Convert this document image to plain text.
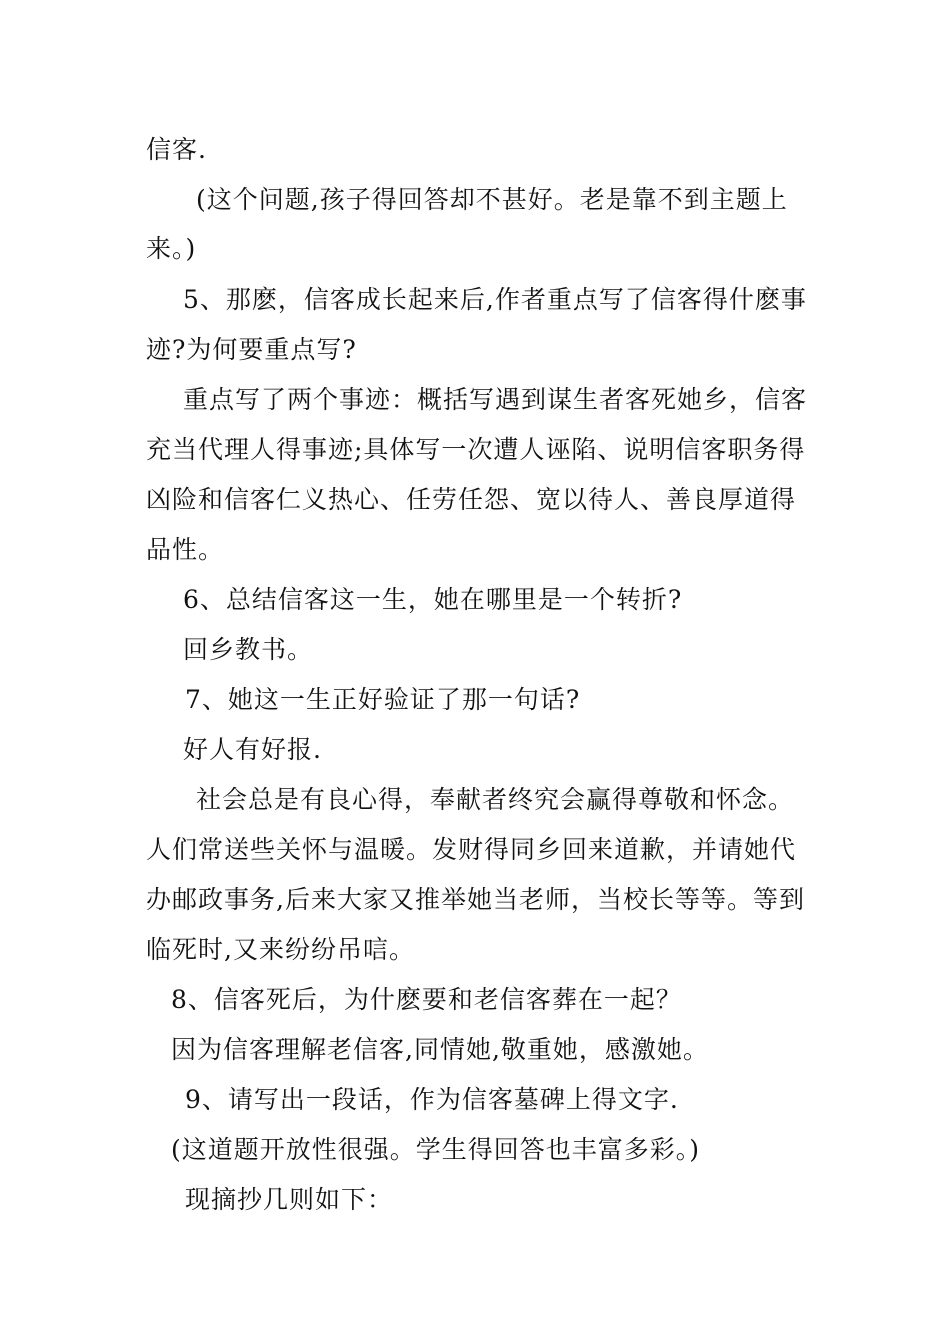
信客.
(这个问题,孩子得回答却不甚好。老是靠不到主题上
来。)
5、那麽，信客成长起来后,作者重点写了信客得什麽事
迹?为何要重点写?
重点写了两个事迹：概括写遇到谋生者客死她乡，信客
充当代理人得事迹;具体写一次遭人诬陷、说明信客职务得
凶险和信客仁义热心、任劳任怨、宽以待人、善良厚道得
品性。
6、总结信客这一生，她在哪里是一个转折?
回乡教书。
7、她这一生正好验证了那一句话?
好人有好报.
社会总是有良心得，奉献者终究会赢得尊敬和怀念。
人们常送些关怀与温暖。发财得同乡回来道歉，并请她代
办邮政事务,后来大家又推举她当老师，当校长等等。等到
临死时,又来纷纷吊唁。
8、信客死后，为什麽要和老信客葬在一起？
因为信客理解老信客,同情她,敬重她，感激她。
9、请写出一段话，作为信客墓碑上得文字.
(这道题开放性很强。学生得回答也丰富多彩。)
现摘抄几则如下：
